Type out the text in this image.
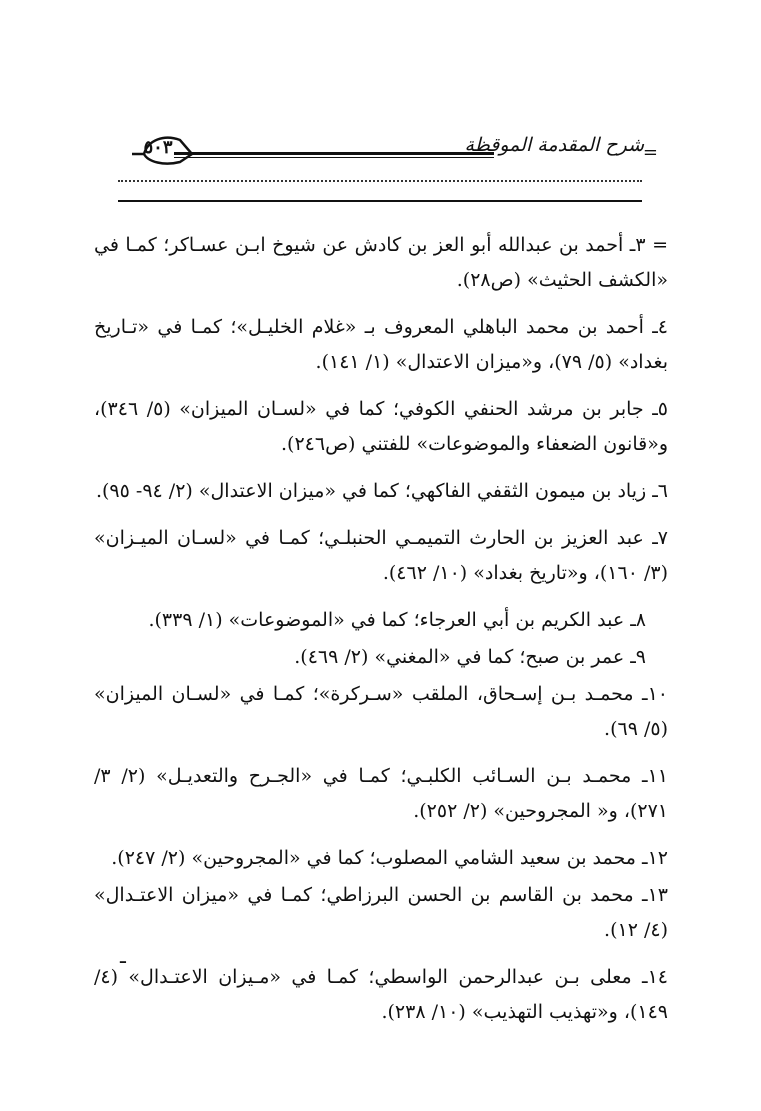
شرح المقدمة الموقظة
=
٥٠٣

= ٣ـ أحمد بن عبدالله أبو العز بن كادش عن شيوخ ابـن عسـاكر؛ كمـا في «الكشف الحثيث» (ص٢٨).

٤ـ أحمد بن محمد الباهلي المعروف بـ «غلام الخليـل»؛ كمـا في «تـاريخ بغداد» (٥/ ٧٩)، و«ميزان الاعتدال» (١/ ١٤١).

٥ـ جابر بن مرشد الحنفي الكوفي؛ كما في «لسـان الميزان» (٥/ ٣٤٦)، و«قانون الضعفاء والموضوعات» للفتني (ص٢٤٦).

٦ـ زياد بن ميمون الثقفي الفاكهي؛ كما في «ميزان الاعتدال» (٢/ ٩٤- ٩٥).

٧ـ عبد العزيز بن الحارث التميمـي الحنبلـي؛ كمـا في «لسـان الميـزان» (٣/ ١٦٠)، و«تاريخ بغداد» (١٠/ ٤٦٢).

٨ـ عبد الكريم بن أبي العرجاء؛ كما في «الموضوعات» (١/ ٣٣٩).

٩ـ عمر بن صبح؛ كما في «المغني» (٢/ ٤٦٩).

١٠ـ محمـد بـن إسـحاق، الملقب «سـركرة»؛ كمـا في «لسـان الميزان» (٥/ ٦٩).

١١ـ محمـد بـن السـائب الكلبـي؛ كمـا في «الجـرح والتعديـل» (٢/ ٣/ ٢٧١)، و« المجروحين» (٢/ ٢٥٢).

١٢ـ محمد بن سعيد الشامي المصلوب؛ كما في «المجروحين» (٢/ ٢٤٧).

١٣ـ محمد بن القاسم بن الحسن البرزاطي؛ كمـا في «ميزان الاعتـدال» (٤/ ١٢).

١٤ـ معلى بـن عبدالرحمن الواسطي؛ كمـا في «مـيزان الاعتـدال» (٤/ ١٤٩)، و«تهذيب التهذيب» (١٠/ ٢٣٨).

ـ
